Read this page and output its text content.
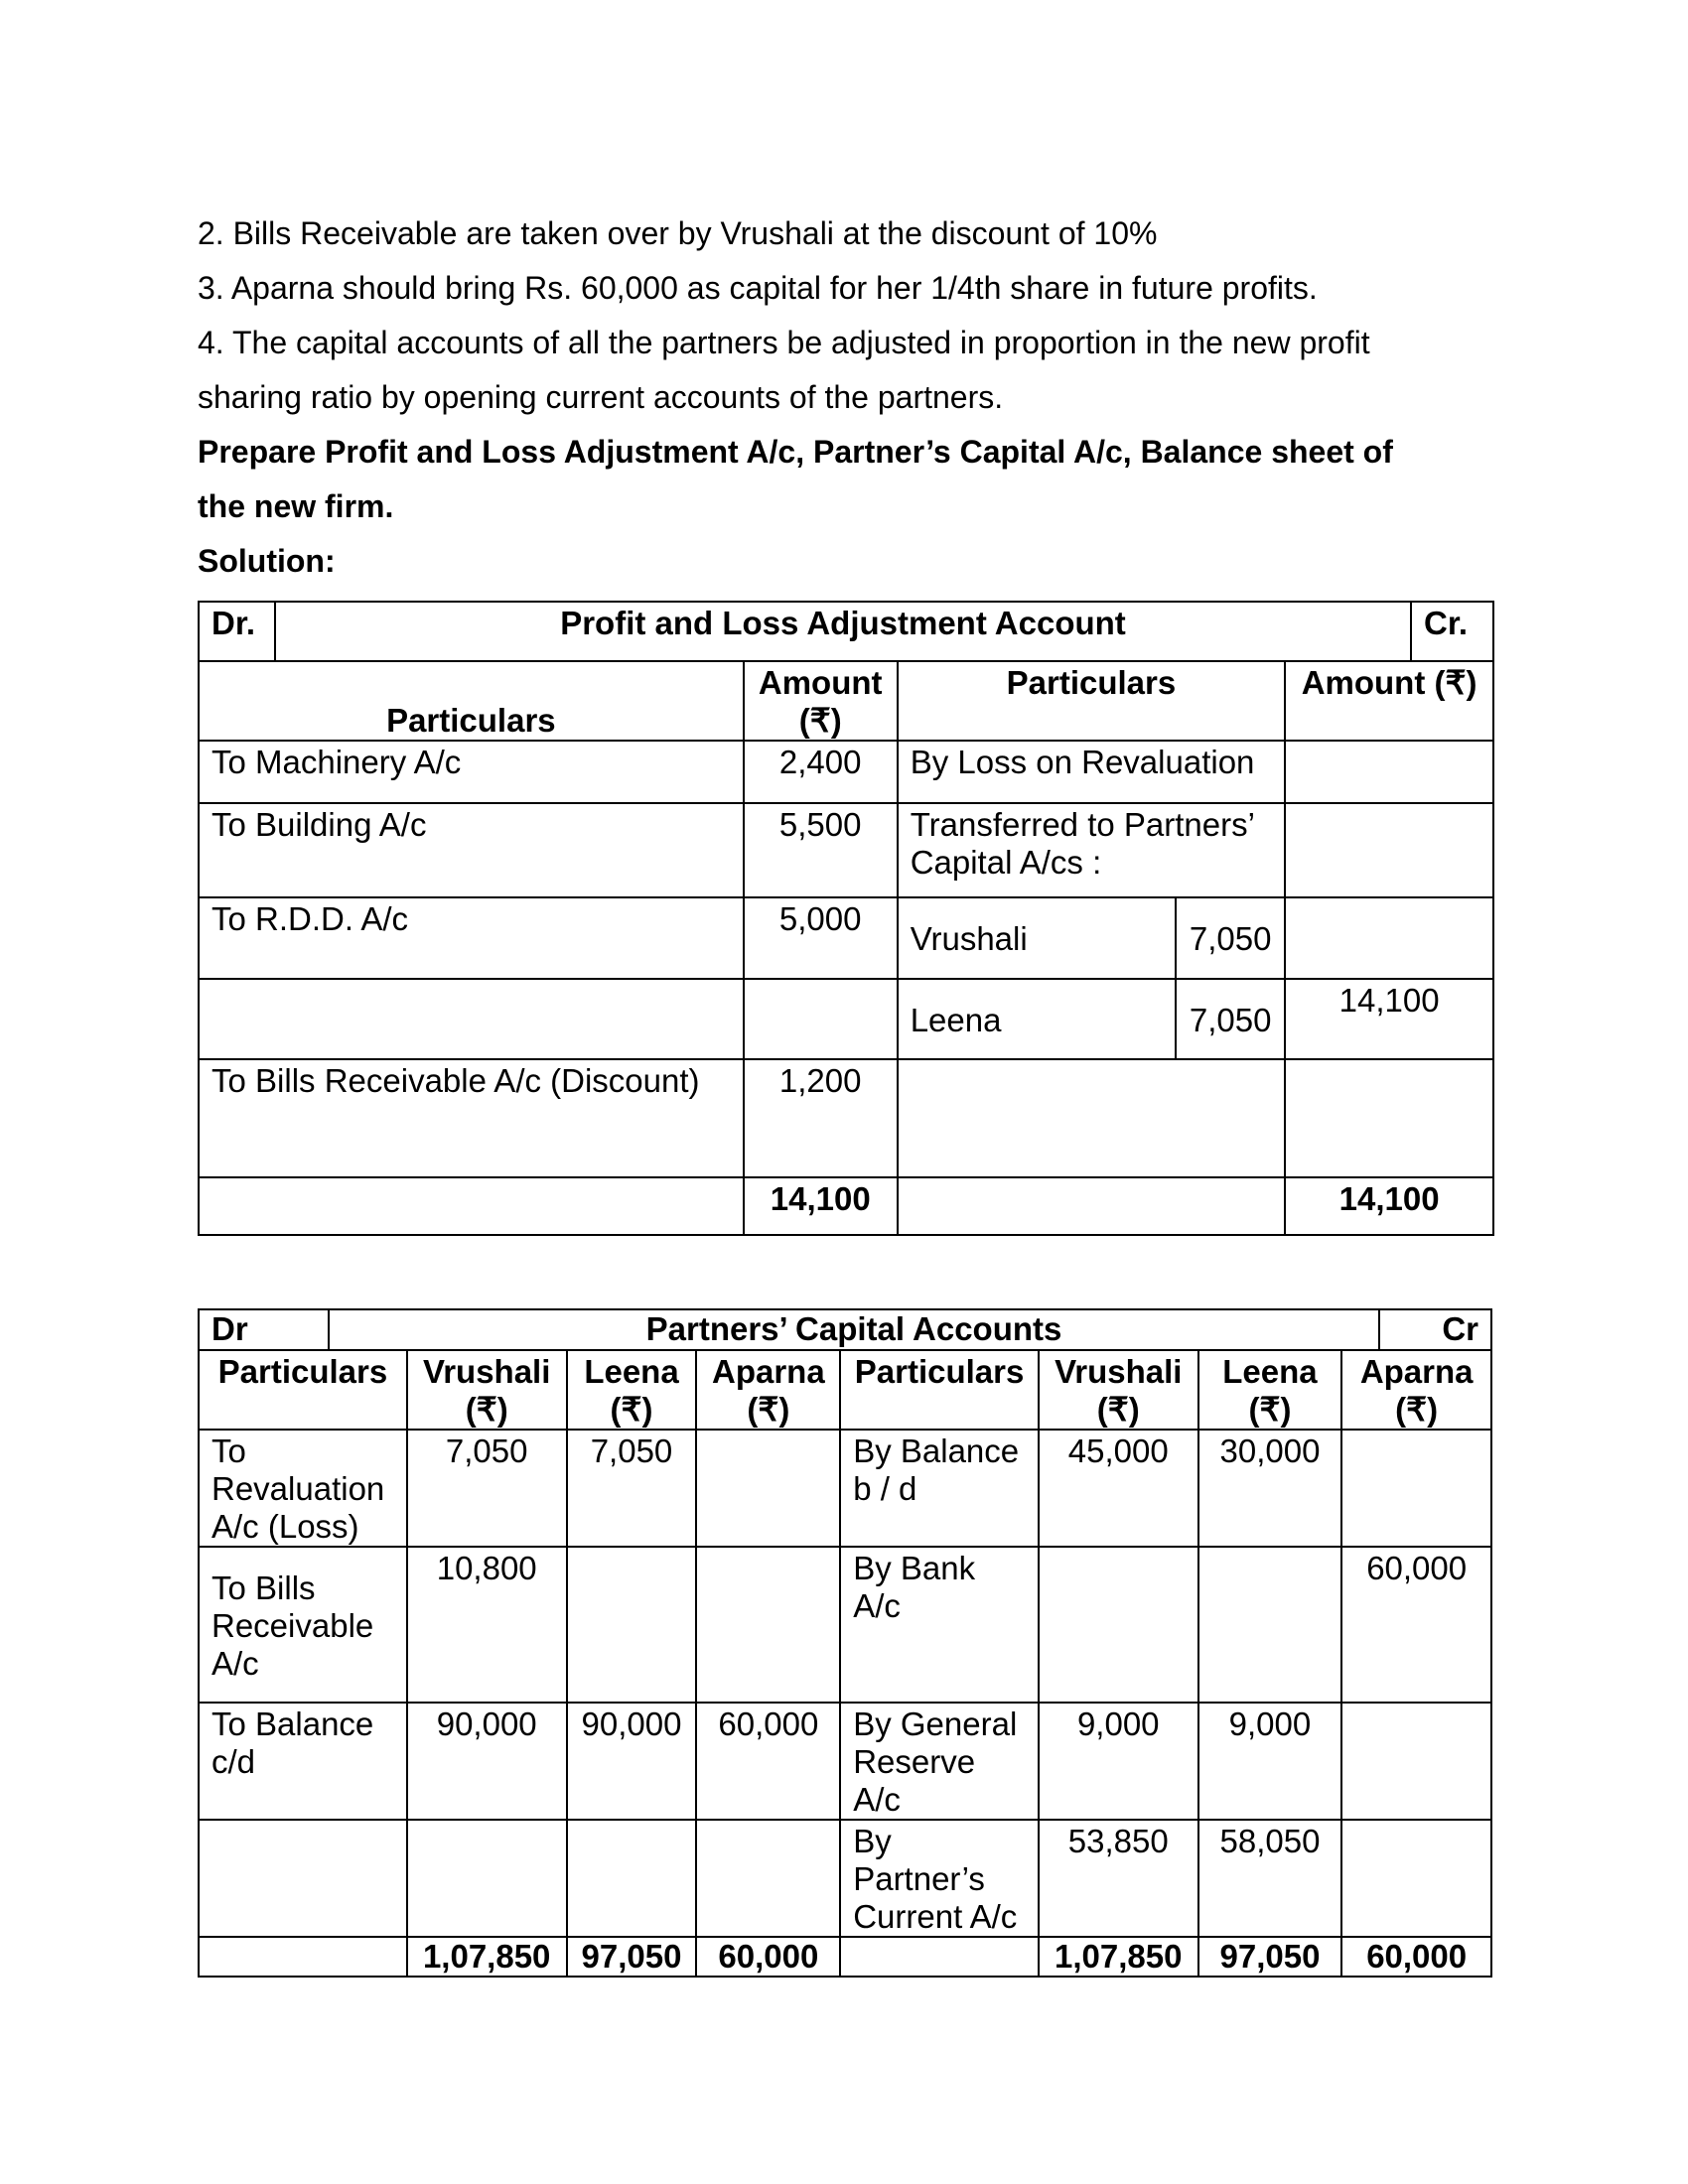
2. Bills Receivable are taken over by Vrushali at the discount of 10%
3. Aparna should bring Rs. 60,000 as capital for her 1/4th share in future profits.
4. The capital accounts of all the partners be adjusted in proportion in the new profit
sharing ratio by opening current accounts of the partners.
Prepare Profit and Loss Adjustment A/c, Partner’s Capital A/c, Balance sheet of
the new firm.
Solution:
Dr.	Profit and Loss Adjustment Account	Cr.
Particulars	Amount (₹)	Particulars		Amount (₹)
To Machinery A/c	2,400	By Loss on Revaluation		
To Building A/c	5,500	Transferred to Partners’ Capital A/cs :		
To R.D.D. A/c	5,000	Vrushali	7,050	
		Leena	7,050	14,100
To Bills Receivable A/c (Discount)	1,200			
	14,100			14,100
Dr	Partners’ Capital Accounts	Cr
Particulars	Vrushali (₹)	Leena (₹)	Aparna (₹)	Particulars	Vrushali (₹)	Leena (₹)	Aparna (₹)
To Revaluation A/c (Loss)	7,050	7,050		By Balance b / d	45,000	30,000	
To Bills Receivable A/c	10,800			By Bank A/c			60,000
To Balance c/d	90,000	90,000	60,000	By General Reserve A/c	9,000	9,000	
				By Partner’s Current A/c	53,850	58,050	
	1,07,850	97,050	60,000		1,07,850	97,050	60,000
